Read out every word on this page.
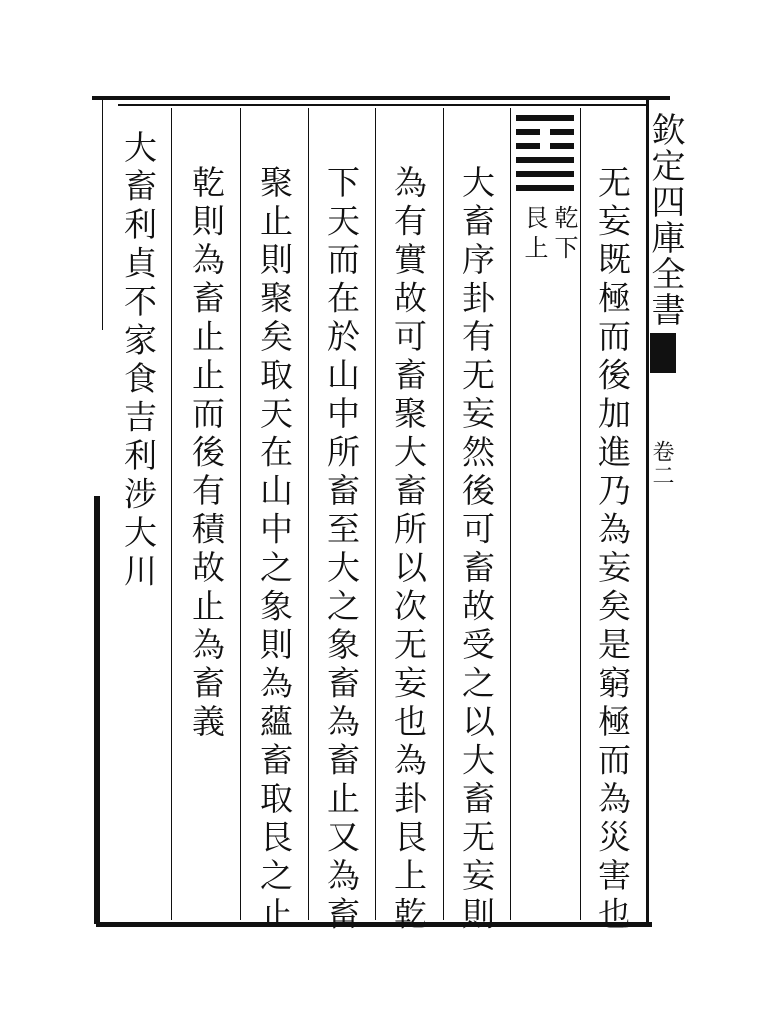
欽定四庫全書
卷二
无妄既極而後加進乃為妄矣是窮極而為災害也
乾下
艮上
大畜序卦有无妄然後可畜故受之以大畜无妄則
為有實故可畜聚大畜所以次无妄也為卦艮上乾
下天而在於山中所畜至大之象畜為畜止又為畜
聚止則聚矣取天在山中之象則為蘊畜取艮之止
乾則為畜止止而後有積故止為畜義
大畜利貞不家食吉利涉大川
